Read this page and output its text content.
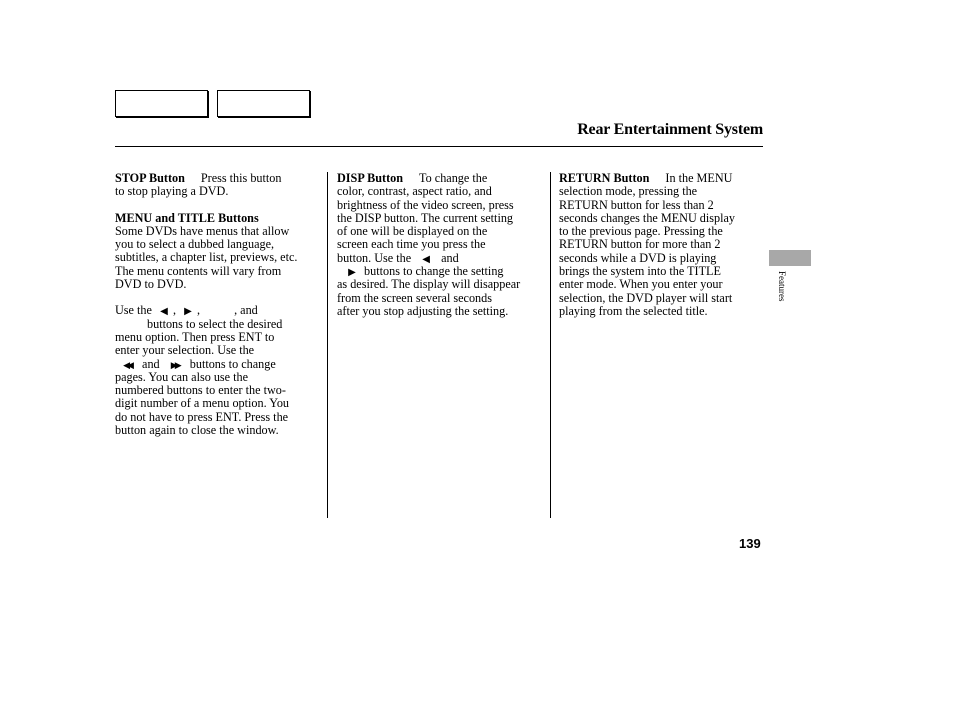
Rear Entertainment System

STOP Button Press this button

to stop playing a DVD.

MENU and TITLE Buttons

Some DVDs have menus that allow

you to select a dubbed language,

subtitles, a chapter list, previews, etc.

The menu contents will vary from

DVD to DVD.

Use the ◀ , ▶ ,	, and

buttons to select the desired

menu option. Then press ENT to

enter your selection. Use the

◀◀ and ▶▶ buttons to change

pages. You can also use the

numbered buttons to enter the two-

digit number of a menu option. You

do not have to press ENT. Press the

button again to close the window.

DISP Button To change the

color, contrast, aspect ratio, and

brightness of the video screen, press

the DISP button. The current setting

of one will be displayed on the

screen each time you press the

button. Use the ◀ and

▶ buttons to change the setting

as desired. The display will disappear

from the screen several seconds

after you stop adjusting the setting.

RETURN Button In the MENU

selection mode, pressing the

RETURN button for less than 2

seconds changes the MENU display

to the previous page. Pressing the

RETURN button for more than 2

seconds while a DVD is playing

brings the system into the TITLE

enter mode. When you enter your

selection, the DVD player will start

playing from the selected title.

Features
139
